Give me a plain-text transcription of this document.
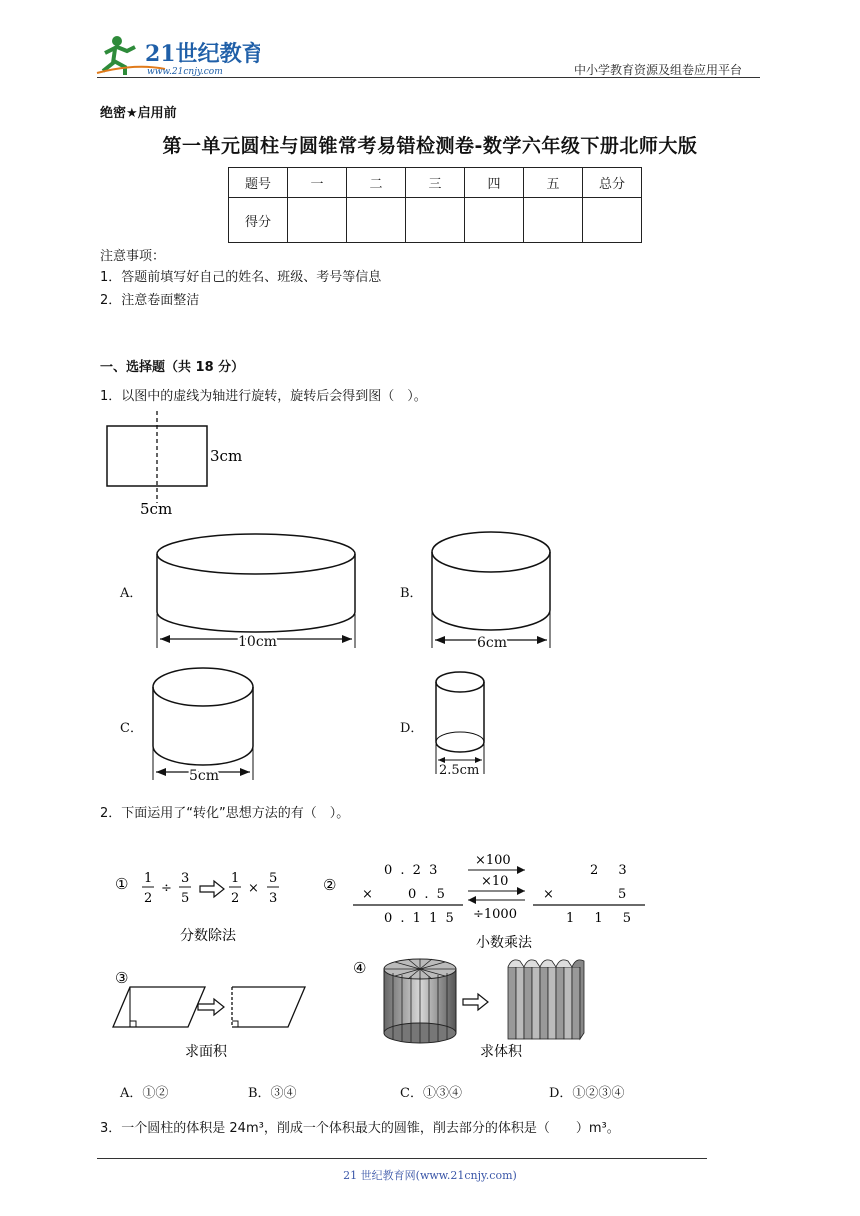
21世纪教育
www.21cnjy.com	中小学教育资源及组卷应用平台
绝密★启用前
第一单元圆柱与圆锥常考易错检测卷-数学六年级下册北师大版
题号	一	二	三	四	五	总分
得分						
注意事项：
1．答题前填写好自己的姓名、班级、考号等信息
2．注意卷面整洁
一、选择题（共 18 分）
1．以图中的虚线为轴进行旋转，旋转后会得到图（　）。
3cm
5cm
A．
10cm
B．
6cm
C．
5cm
D．
2.5cm
2．下面运用了“转化”思想方法的有（　）。
① 1
2
÷
3
5
1
2
×
5
3
分数除法
②
0 . 2 3
×	0 . 5
0 . 1 1 5
×100
×10
÷1000
2 3
×	5
1 1 5
小数乘法
③
求面积
④
求体积
A．①②	B．③④	C．①③④	D．①②③④
3．一个圆柱的体积是 24m³，削成一个体积最大的圆锥，削去部分的体积是（　　）m³。
21 世纪教育网(www.21cnjy.com)
